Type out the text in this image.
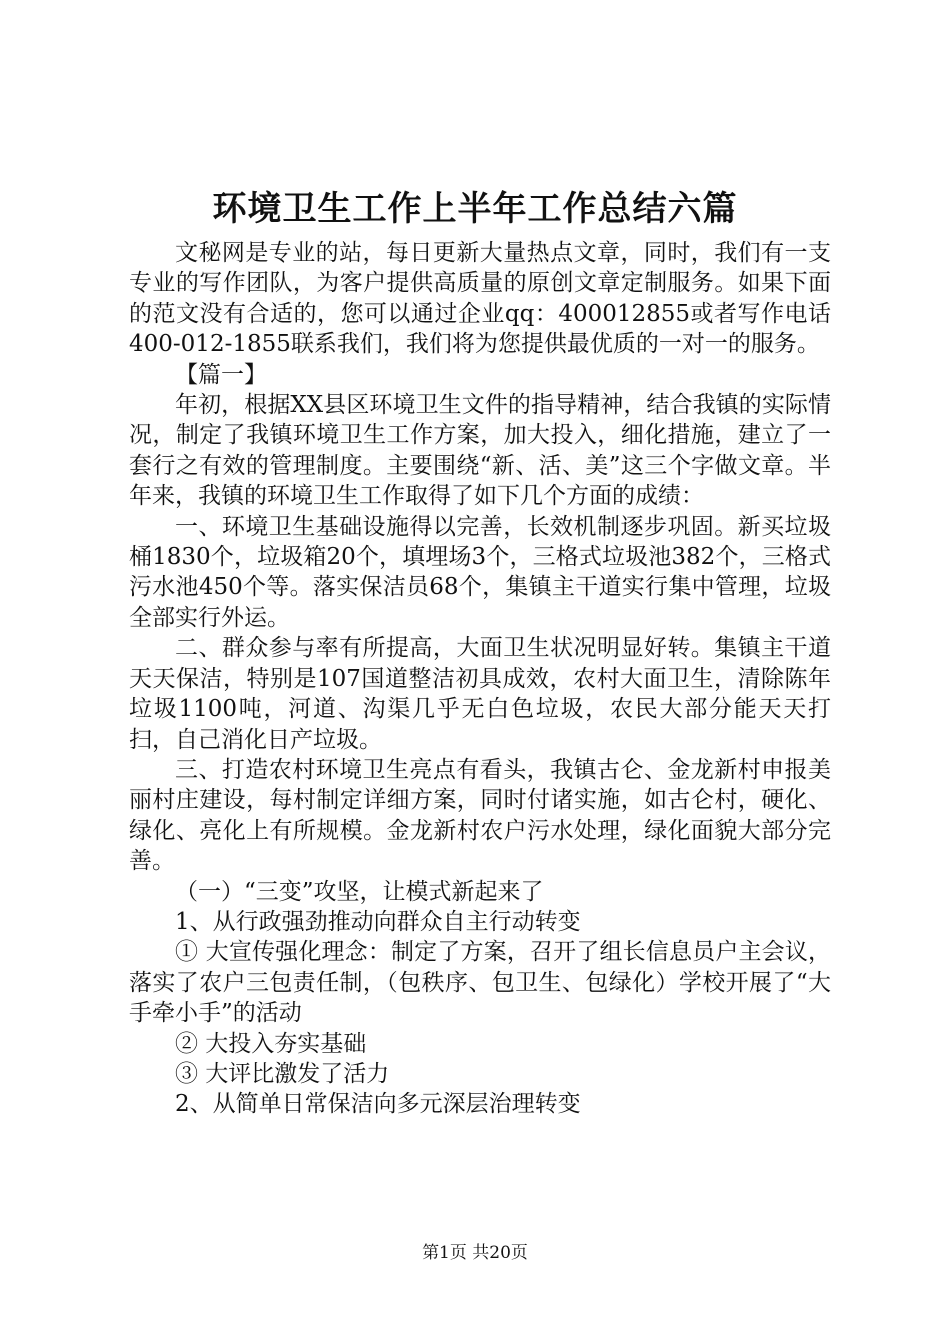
环境卫生工作上半年工作总结六篇

文秘网是专业的站，每日更新大量热点文章，同时，我们有一支专业的写作团队，为客户提供高质量的原创文章定制服务。如果下面的范文没有合适的，您可以通过企业qq：400012855或者写作电话400-012-1855联系我们，我们将为您提供最优质的一对一的服务。

【篇一】

年初，根据XX县区环境卫生文件的指导精神，结合我镇的实际情况，制定了我镇环境卫生工作方案，加大投入，细化措施，建立了一套行之有效的管理制度。主要围绕“新、活、美”这三个字做文章。半年来，我镇的环境卫生工作取得了如下几个方面的成绩：

一、环境卫生基础设施得以完善，长效机制逐步巩固。新买垃圾桶1830个，垃圾箱20个，填埋场3个，三格式垃圾池382个，三格式污水池450个等。落实保洁员68个，集镇主干道实行集中管理，垃圾全部实行外运。

二、群众参与率有所提高，大面卫生状况明显好转。集镇主干道天天保洁，特别是107国道整洁初具成效，农村大面卫生，清除陈年垃圾1100吨，河道、沟渠几乎无白色垃圾，农民大部分能天天打扫，自己消化日产垃圾。

三、打造农村环境卫生亮点有看头，我镇古仑、金龙新村申报美丽村庄建设，每村制定详细方案，同时付诸实施，如古仑村，硬化、绿化、亮化上有所规模。金龙新村农户污水处理，绿化面貌大部分完善。

（一）“三变”攻坚，让模式新起来了

1、从行政强劲推动向群众自主行动转变

① 大宣传强化理念：制定了方案，召开了组长信息员户主会议，落实了农户三包责任制，（包秩序、包卫生、包绿化）学校开展了“大手牵小手”的活动

② 大投入夯实基础

③ 大评比激发了活力

2、从简单日常保洁向多元深层治理转变

第1页 共20页
